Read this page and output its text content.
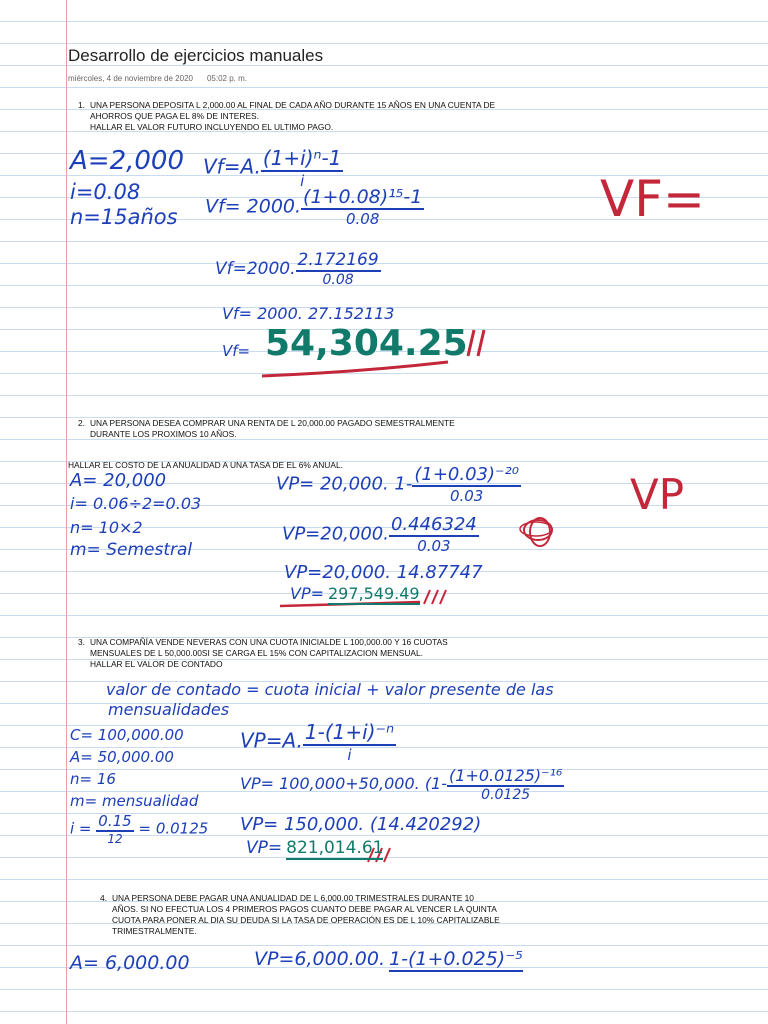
Desarrollo de ejercicios manuales
miércoles, 4 de noviembre de 2020 05:02 p. m.
1. UNA PERSONA DEPOSITA L 2,000.00 AL FINAL DE CADA AÑO DURANTE 15 AÑOS EN UNA CUENTA DE
AHORROS QUE PAGA EL 8% DE INTERES.
HALLAR EL VALOR FUTURO INCLUYENDO EL ULTIMO PAGO.
A=2,000
i=0.08
n=15años
Vf=A. $\frac{\text{(1+i)ⁿ-1}}{i}$
Vf= 2000. $\frac{\text{(1+0.08)¹⁵-1}}{0.08}$
Vf=2000. $\frac{2.172169}{0.08}$
Vf= 2000. 27.152113
Vf= 54,304.25
VF=
2. UNA PERSONA DESEA COMPRAR UNA RENTA DE L 20,000.00 PAGADO SEMESTRALMENTE
DURANTE LOS PROXIMOS 10 AÑOS.
HALLAR EL COSTO DE LA ANUALIDAD A UNA TASA DE EL 6% ANUAL.
A= 20,000
i= 0.06÷2=0.03
n= 10×2
m= Semestral
VP= 20,000. $1- \frac{\text{(1+0.03)⁻²⁰}}{0.03}$
VP=20,000. $\frac{0.446324}{0.03}$
VP=20,000. 14.87747
VP= 297,549.49
VP
3. UNA COMPAÑÍA VENDE NEVERAS CON UNA CUOTA INICIALDE L 100,000.00 Y 16 CUOTAS
MENSUALES DE L 50,000.00SI SE CARGA EL 15% CON CAPITALIZACION MENSUAL.
HALLAR EL VALOR DE CONTADO
valor de contado = cuota inicial + valor presente de las
mensualidades
C= 100,000.00
A= 50,000.00
n= 16
m= mensualidad
$i = \frac{0.15}{12} = 0.0125$
VP=A. $\frac{\text{1-(1+i)⁻ⁿ}}{i}$
VP= 100,000+50,000. ($1- \frac{\text{(1+0.0125)⁻¹⁶}}{0.0125}$
VP= 150,000. (14.420292)
VP= 821,014.61
4. UNA PERSONA DEBE PAGAR UNA ANUALIDAD DE L 6,000.00 TRIMESTRALES DURANTE 10
AÑOS. SI NO EFECTUA LOS 4 PRIMEROS PAGOS CUANTO DEBE PAGAR AL VENCER LA QUINTA
CUOTA PARA PONER AL DIA SU DEUDA SI LA TASA DE OPERACIÓN ES DE L 10% CAPITALIZABLE
TRIMESTRALMENTE.
A= 6,000.00	VP=6,000.00. 1-(1+0.025)⁻⁵
